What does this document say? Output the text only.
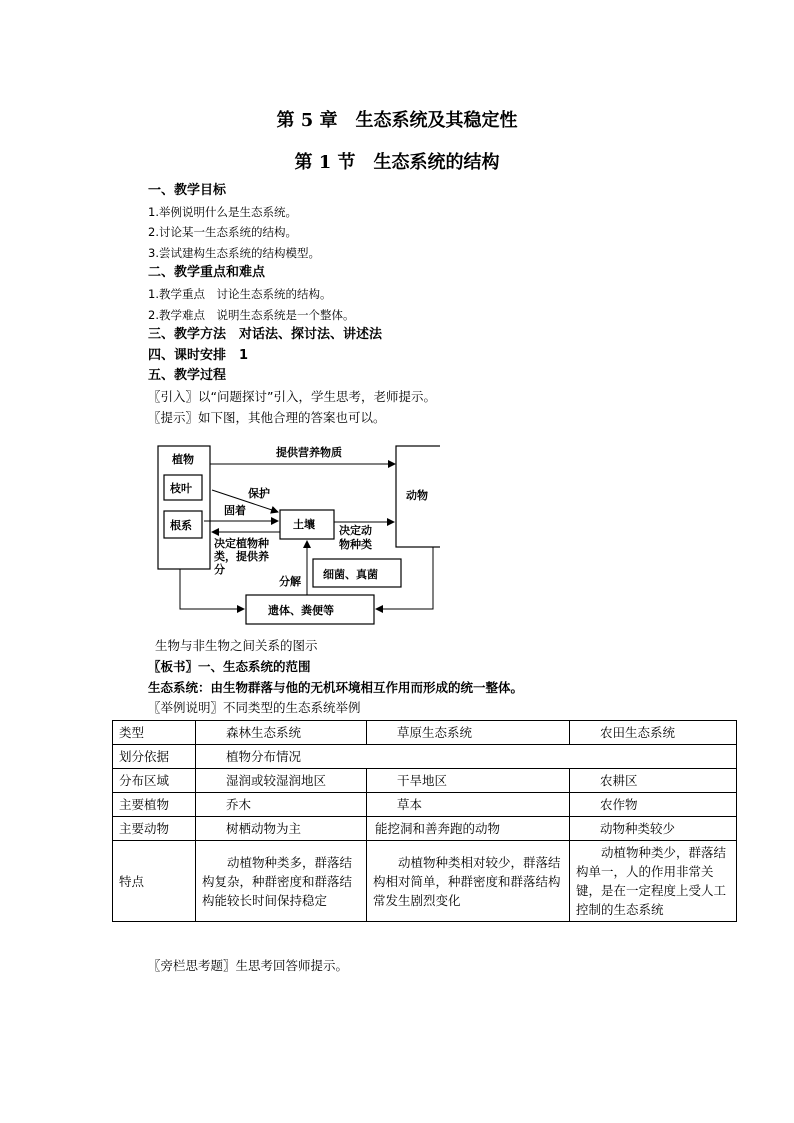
第 5 章　生态系统及其稳定性
第 1 节　生态系统的结构
一、教学目标
1.举例说明什么是生态系统。
2.讨论某一生态系统的结构。
3.尝试建构生态系统的结构模型。
二、教学重点和难点
1.教学重点　讨论生态系统的结构。
2.教学难点　说明生态系统是一个整体。
三、教学方法　对话法、探讨法、讲述法
四、课时安排　1
五、教学过程
〖引入〗以“问题探讨”引入，学生思考，老师提示。
〖提示〗如下图，其他合理的答案也可以。
植物
枝叶
根系
动物
土壤
细菌、真菌
遗体、粪便等
提供营养物质
保护
固着
决定植物种
类，提供养
分
决定动
物种类
分解
生物与非生物之间关系的图示
〖板书〗一、生态系统的范围
生态系统：由生物群落与他的无机环境相互作用而形成的统一整体。
〖举例说明〗不同类型的生态系统举例
类型	森林生态系统	草原生态系统	农田生态系统
划分依据	植物分布情况		
分布区域	湿润或较湿润地区	干旱地区	农耕区
主要植物	乔木	草本	农作物
主要动物	树栖动物为主	能挖洞和善奔跑的动物	动物种类较少
特点	动植物种类多，群落结构复杂，种群密度和群落结构能较长时间保持稳定	动植物种类相对较少，群落结构相对简单，种群密度和群落结构常发生剧烈变化	动植物种类少，群落结构单一，人的作用非常关键，是在一定程度上受人工控制的生态系统
〖旁栏思考题〗生思考回答师提示。
